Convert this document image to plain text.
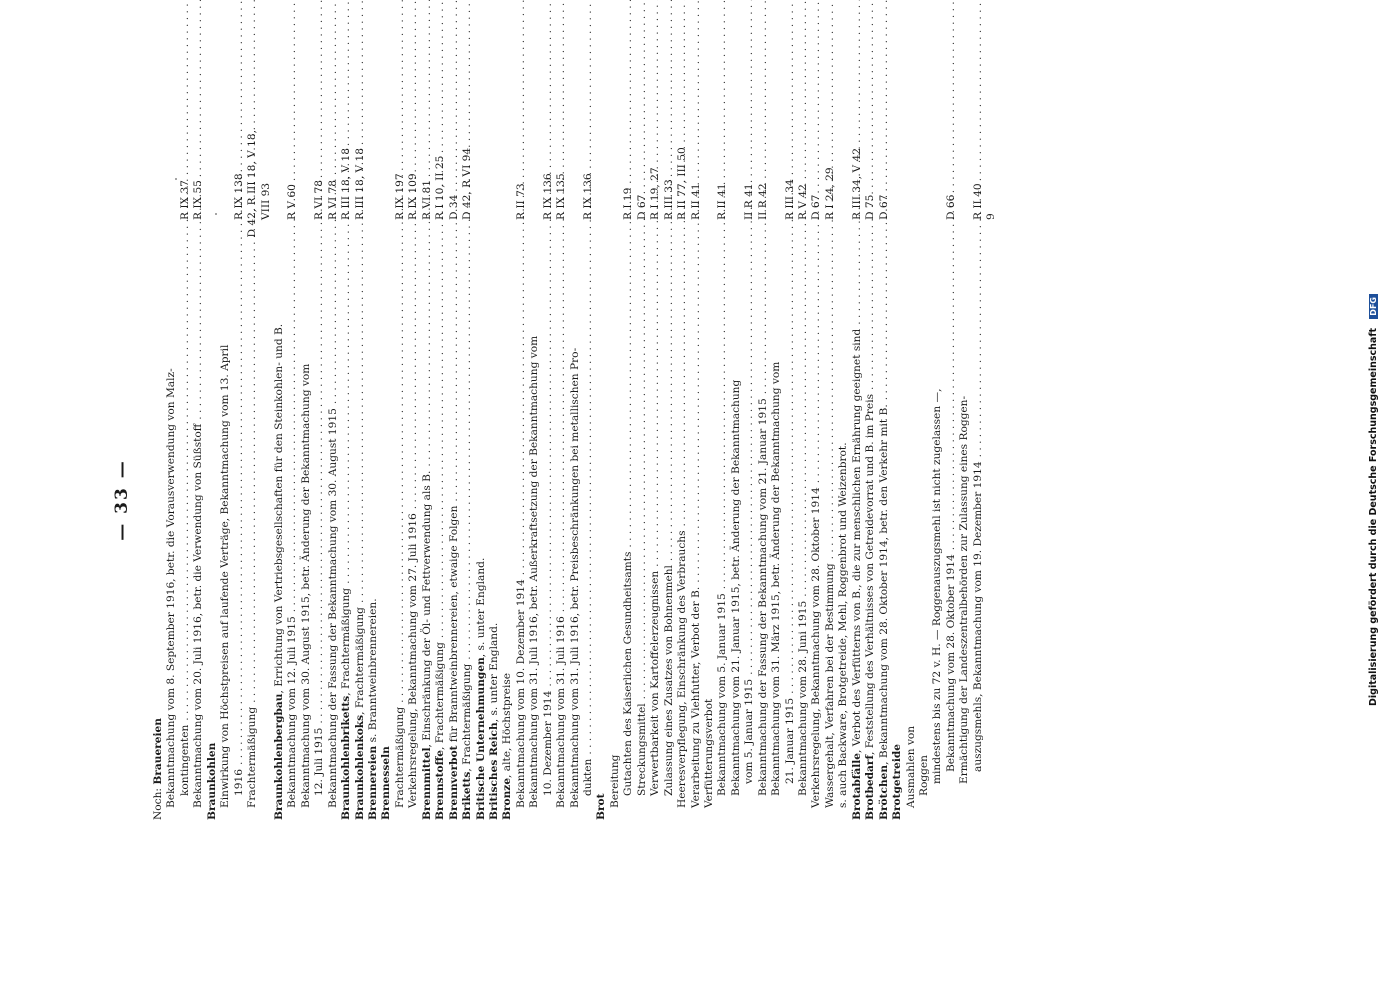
— 33 —
Noch: Brauereien Bekanntmachung vom 8. September 1916, betr. die Vorausverwendung von Malz- kontingenten
. . .
R IX 37
Bekanntmachung vom 20. Juli 1916, betr. die Verwendung von Süßstoff
. . .
R IX 55
Braunkohlen Einwirkung von Höchstpreisen auf laufende Verträge, Bekanntmachung vom 13. April 1916
. . .
R IX 138
Frachtermäßigung
. . .
D 42, R III 18, V 18, VIII 93
Braunkohlenbergbau, Errichtung von Vertriebsgesellschaften für den Steinkohlen- und B.
Bekanntmachung vom 12. Juli 1915
. . .
R V 60
Bekanntmachung vom 30. August 1915, betr. Änderung der Bekanntmachung vom 12. Juli 1915
. . .
R VI 78
Bekanntmachung der Fassung der Bekanntmachung vom 30. August 1915
. . .
R VI 78
Braunkohlenbriketts, Frachtermäßigung
. . .
R III 18, V 18
Braunkohlenkoks, Frachtermäßigung
. . .
R III 18, V 18
Brennereien s. Branntweinbrennereien.
Brennesseln Frachtermäßigung
. . .
R IX 197
Verkehrsregelung, Bekanntmachung vom 27. Juli 1916
. . .
R IX 109
Brennmittel, Einschränkung der Öl- und Fettverwendung als B.
. . .
R VI 81
Brennstoffe, Frachtermäßigung
. . .
R I 10, II 25
Brennverbot für Branntweinbrennereien, etwaige Folgen
. . .
D 34
Briketts, Frachtermäßigung
. . .
D 42, R VI 94
Britische Unternehmungen, s. unter England.
Britisches Reich, s. unter England.
Bronze, alte, Höchstpreise Bekanntmachung vom 10. Dezember 1914
. . .
R II 73
Bekanntmachung vom 31. Juli 1916, betr. Außerkraftsetzung der Bekanntmachung vom 10. Dezember 1914
. . .
R IX 136
Bekanntmachung vom 31. Juli 1916
. . .
R IX 135
Bekanntmachung vom 31. Juli 1916, betr. Preisbeschränkungen bei metallischen Pro- dukten
. . .
R IX 136
Brot Bereitung Gutachten des Kaiserlichen Gesundheitsamts
. . .
R I 19
Streckungsmittel
. . .
D 67
Verwertbarkeit von Kartoffelerzeugnissen
. . .
R I 19, 27
Zulassung eines Zusatzes von Bohnenmehl
. . .
R III 33
Heeresverpflegung, Einschränkung des Verbrauchs
. . .
R II 77, III 50
Verarbeitung zu Viehfutter, Verbot der B.
. . .
R II 41
Verfütterungsverbot Bekanntmachung vom 5. Januar 1915
. . .
R II 41
Bekanntmachung vom 21. Januar 1915, betr. Änderung der Bekanntmachung vom 5. Januar 1915
. . .
II R 41
Bekanntmachung der Fassung der Bekanntmachung vom 21. Januar 1915
. . .
II R 42
Bekanntmachung vom 31. März 1915, betr. Änderung der Bekanntmachung vom 21. Januar 1915
. . .
R III 34
Bekanntmachung vom 28. Juni 1915
. . .
R V 42
Verkehrsregelung, Bekanntmachung vom 28. Oktober 1914
. . .
D 67
Wassergehalt, Verfahren bei der Bestimmung
. . .
R I 24, 29
s. auch Backware, Brotgetreide, Mehl, Roggenbrot und Weizenbrot. Brotabfälle, Verbot des Verfütterns von B., die zur menschlichen Ernährung geeignet sind
. . .
R III 34, V 42
Brotbedarf, Feststellung des Verhältnisses von Getreidevorrat und B. im Preis
. . .
D 75
Brötchen, Bekanntmachung vom 28. Oktober 1914, betr. den Verkehr mit B.
. . .
D 67
Brotgetreide Ausmahlen von Roggen mindestens bis zu 72 v. H. — Roggenauszugsmehl ist nicht zugelassen —, Bekanntmachung vom 28. Oktober 1914
. . .
D 66
Ermächtigung der Landeszentralbehörden zur Zulassung eines Roggen- auszugsmehls, Bekanntmachung vom 19. Dezember 1914
. . .
R II 40 9
Digitalisierung gefördert durch die Deutsche Forschungsgemeinschaft DFG
